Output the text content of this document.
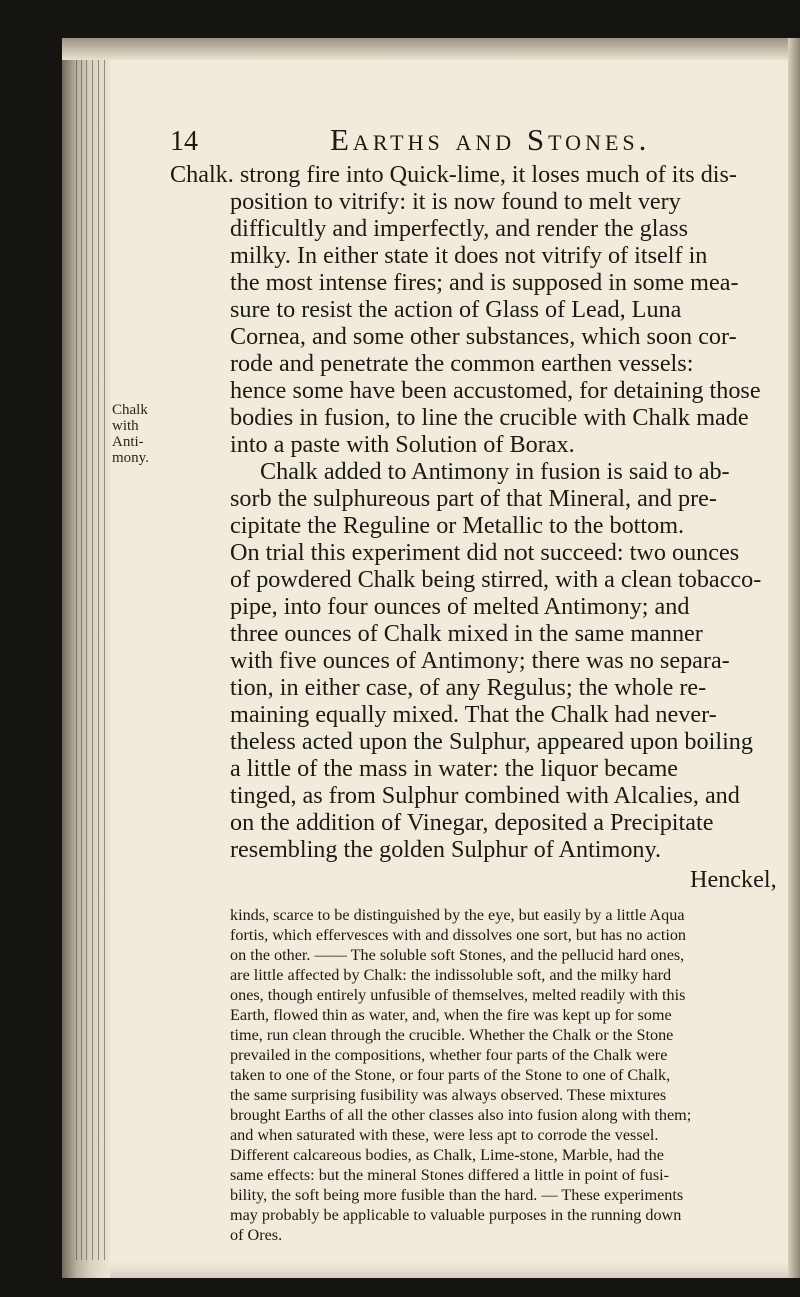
14	Earths and Stones.
Chalk
with Anti-
mony.
Chalk. strong fire into Quick-lime, it loses much of its dis-
position to vitrify: it is now found to melt very
difficultly and imperfectly, and render the glass
milky. In either state it does not vitrify of itself in
the most intense fires; and is supposed in some mea-
sure to resist the action of Glass of Lead, Luna
Cornea, and some other substances, which soon cor-
rode and penetrate the common earthen vessels:
hence some have been accustomed, for detaining those
bodies in fusion, to line the crucible with Chalk made
into a paste with Solution of Borax.
Chalk added to Antimony in fusion is said to ab-
sorb the sulphureous part of that Mineral, and pre-
cipitate the Reguline or Metallic to the bottom.
On trial this experiment did not succeed: two ounces
of powdered Chalk being stirred, with a clean tobacco-
pipe, into four ounces of melted Antimony; and
three ounces of Chalk mixed in the same manner
with five ounces of Antimony; there was no separa-
tion, in either case, of any Regulus; the whole re-
maining equally mixed. That the Chalk had never-
theless acted upon the Sulphur, appeared upon boiling
a little of the mass in water: the liquor became
tinged, as from Sulphur combined with Alcalies, and
on the addition of Vinegar, deposited a Precipitate
resembling the golden Sulphur of Antimony.
Henckel,
kinds, scarce to be distinguished by the eye, but easily by a little Aqua
fortis, which effervesces with and dissolves one sort, but has no action
on the other. —— The soluble soft Stones, and the pellucid hard ones,
are little affected by Chalk: the indissoluble soft, and the milky hard
ones, though entirely unfusible of themselves, melted readily with this
Earth, flowed thin as water, and, when the fire was kept up for some
time, run clean through the crucible. Whether the Chalk or the Stone
prevailed in the compositions, whether four parts of the Chalk were
taken to one of the Stone, or four parts of the Stone to one of Chalk,
the same surprising fusibility was always observed. These mixtures
brought Earths of all the other classes also into fusion along with them;
and when saturated with these, were less apt to corrode the vessel.
Different calcareous bodies, as Chalk, Lime-stone, Marble, had the
same effects: but the mineral Stones differed a little in point of fusi-
bility, the soft being more fusible than the hard. — These experiments
may probably be applicable to valuable purposes in the running down
of Ores.
